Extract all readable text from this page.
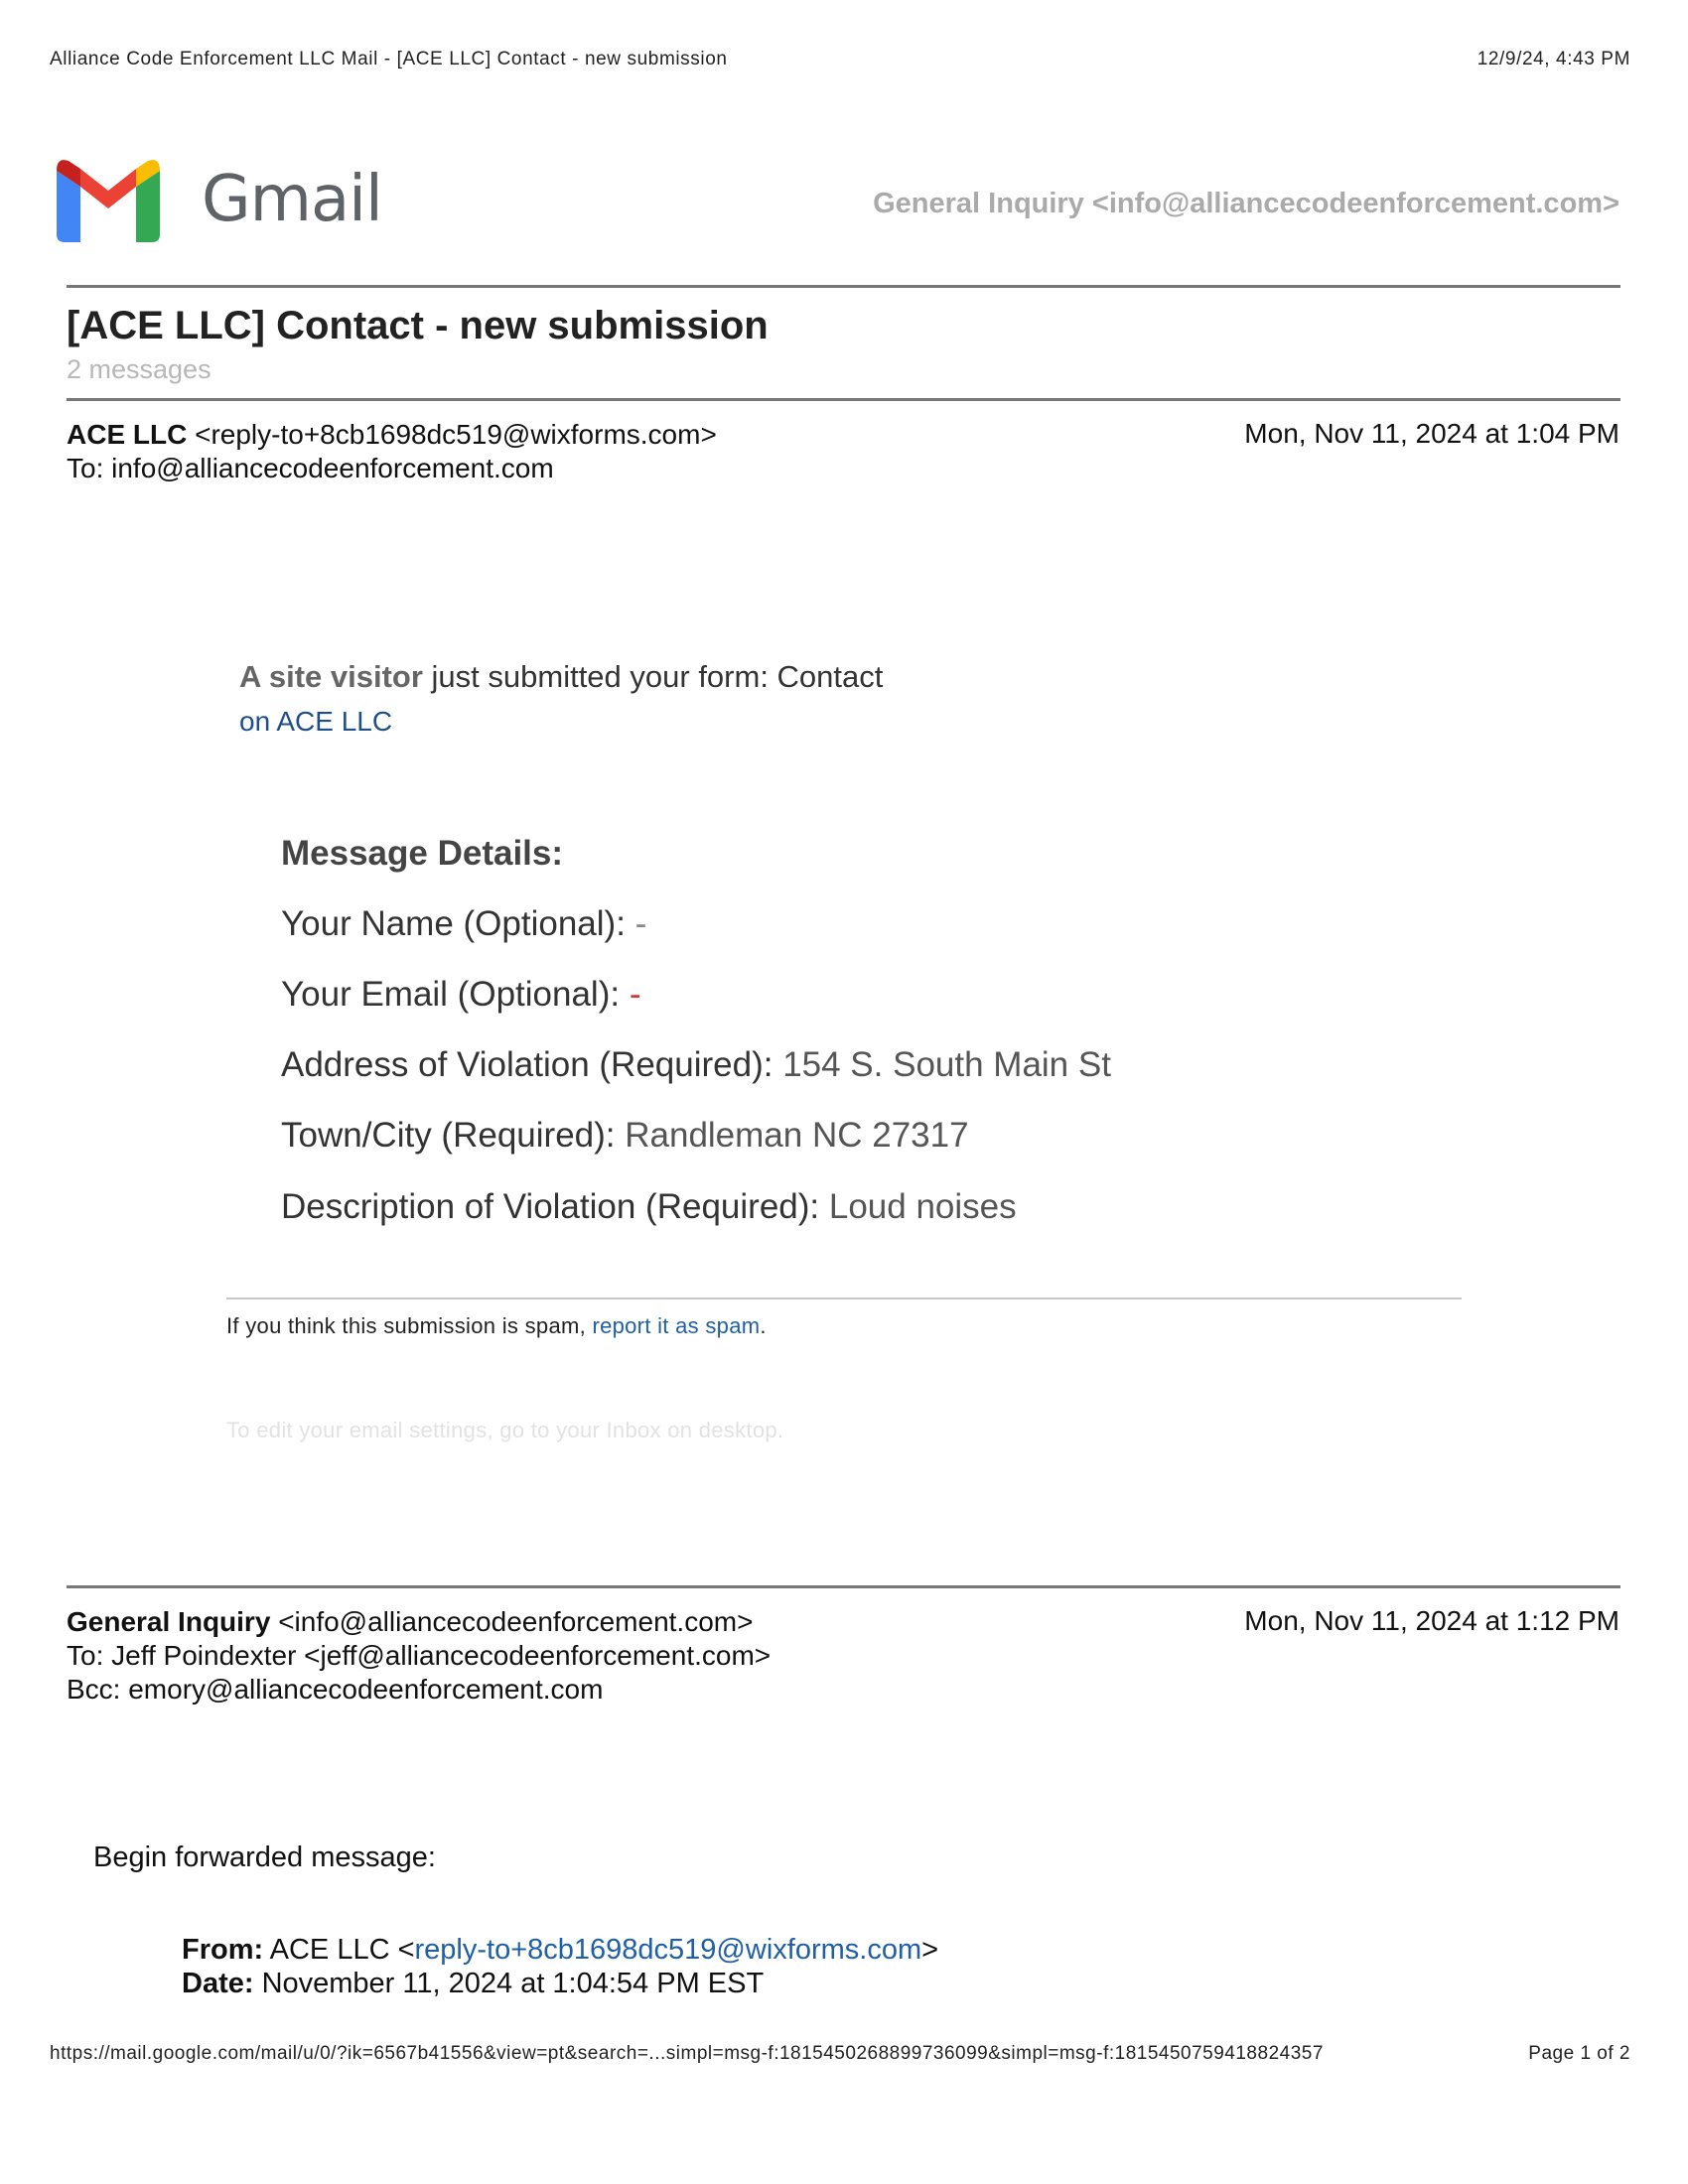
Alliance Code Enforcement LLC Mail - [ACE LLC] Contact - new submission	12/9/24, 4:43 PM
Gmail	General Inquiry <info@alliancecodeenforcement.com>
[ACE LLC] Contact - new submission
2 messages
ACE LLC <reply-to+8cb1698dc519@wixforms.com>	Mon, Nov 11, 2024 at 1:04 PM
To: info@alliancecodeenforcement.com
A site visitor just submitted your form: Contact
on ACE LLC
Message Details:
Your Name (Optional): -
Your Email (Optional): -
Address of Violation (Required): 154 S. South Main St
Town/City (Required): Randleman NC 27317
Description of Violation (Required): Loud noises
If you think this submission is spam, report it as spam.
To edit your email settings, go to your Inbox on desktop.
General Inquiry <info@alliancecodeenforcement.com>	Mon, Nov 11, 2024 at 1:12 PM
To: Jeff Poindexter <jeff@alliancecodeenforcement.com>
Bcc: emory@alliancecodeenforcement.com
Begin forwarded message:
From: ACE LLC <reply-to+8cb1698dc519@wixforms.com>
Date: November 11, 2024 at 1:04:54 PM EST
https://mail.google.com/mail/u/0/?ik=6567b41556&view=pt&search=...simpl=msg-f:1815450268899736099&simpl=msg-f:1815450759418824357	Page 1 of 2
